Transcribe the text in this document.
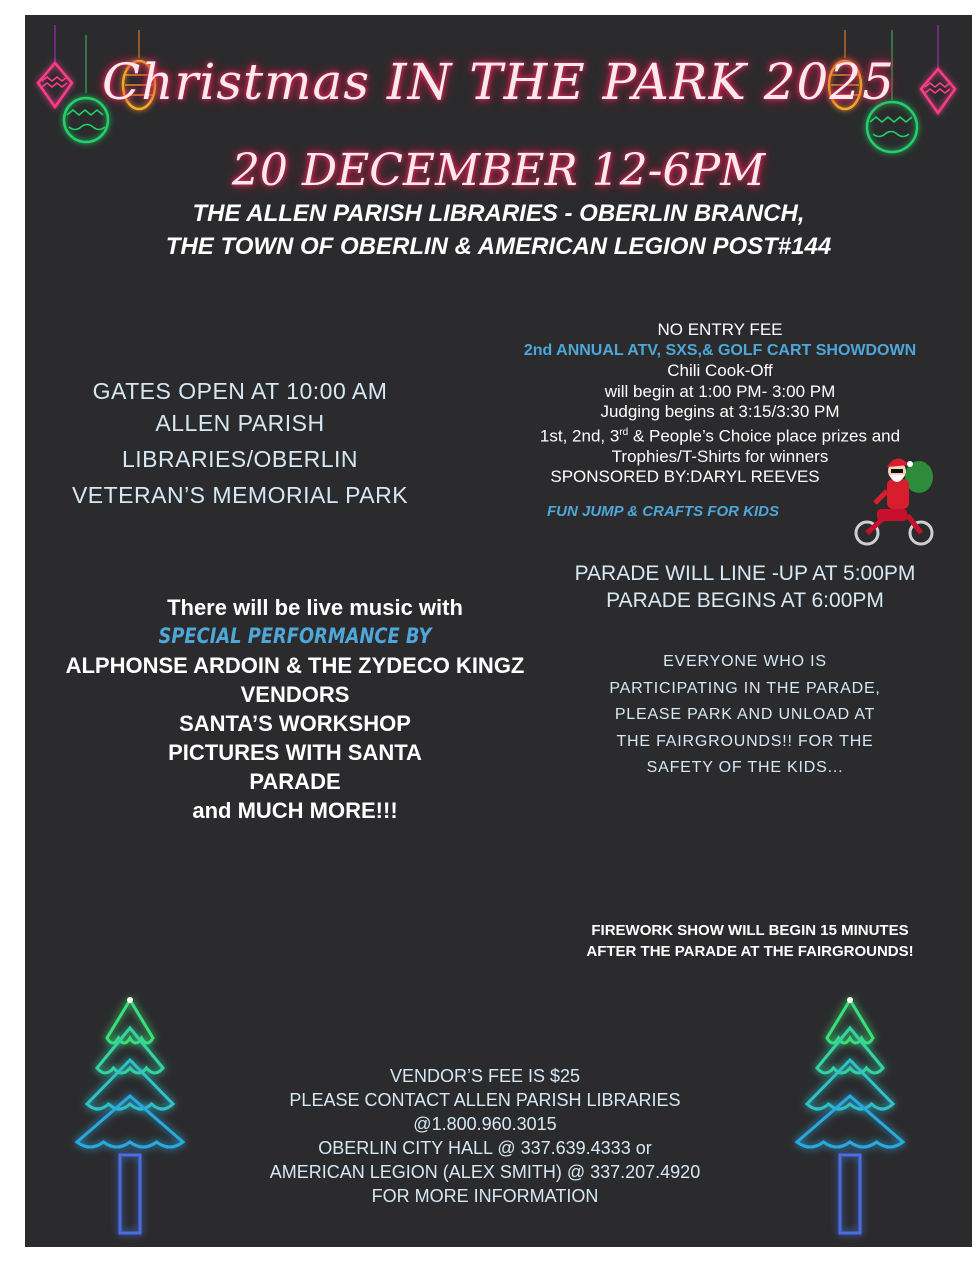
Christmas IN THE PARK 2025
20 DECEMBER 12-6PM
THE ALLEN PARISH LIBRARIES - OBERLIN BRANCH,
THE TOWN OF OBERLIN & AMERICAN LEGION POST#144
GATES OPEN AT 10:00 AM
ALLEN PARISH
LIBRARIES/OBERLIN
VETERAN’S MEMORIAL PARK
NO ENTRY FEE
2nd ANNUAL ATV, SXS,& GOLF CART SHOWDOWN
Chili Cook-Off
will begin at 1:00 PM- 3:00 PM
Judging begins at 3:15/3:30 PM
1st, 2nd, 3rd & People’s Choice place prizes and
Trophies/T-Shirts for winners
SPONSORED BY:DARYL REEVES
FUN JUMP & CRAFTS FOR KIDS
There will be live music with
SPECIAL PERFORMANCE BY
ALPHONSE ARDOIN & THE ZYDECO KINGZ
VENDORS
SANTA’S WORKSHOP
PICTURES WITH SANTA
PARADE
and MUCH MORE!!!
PARADE WILL LINE -UP AT 5:00PM
PARADE BEGINS AT 6:00PM
EVERYONE WHO IS
PARTICIPATING IN THE PARADE,
PLEASE PARK AND UNLOAD AT
THE FAIRGROUNDS!! FOR THE
SAFETY OF THE KIDS...
FIREWORK SHOW WILL BEGIN 15 MINUTES
AFTER THE PARADE AT THE FAIRGROUNDS!
VENDOR’S FEE IS $25
PLEASE CONTACT ALLEN PARISH LIBRARIES
@1.800.960.3015
OBERLIN CITY HALL @ 337.639.4333 or
AMERICAN LEGION (ALEX SMITH) @ 337.207.4920
FOR MORE INFORMATION
